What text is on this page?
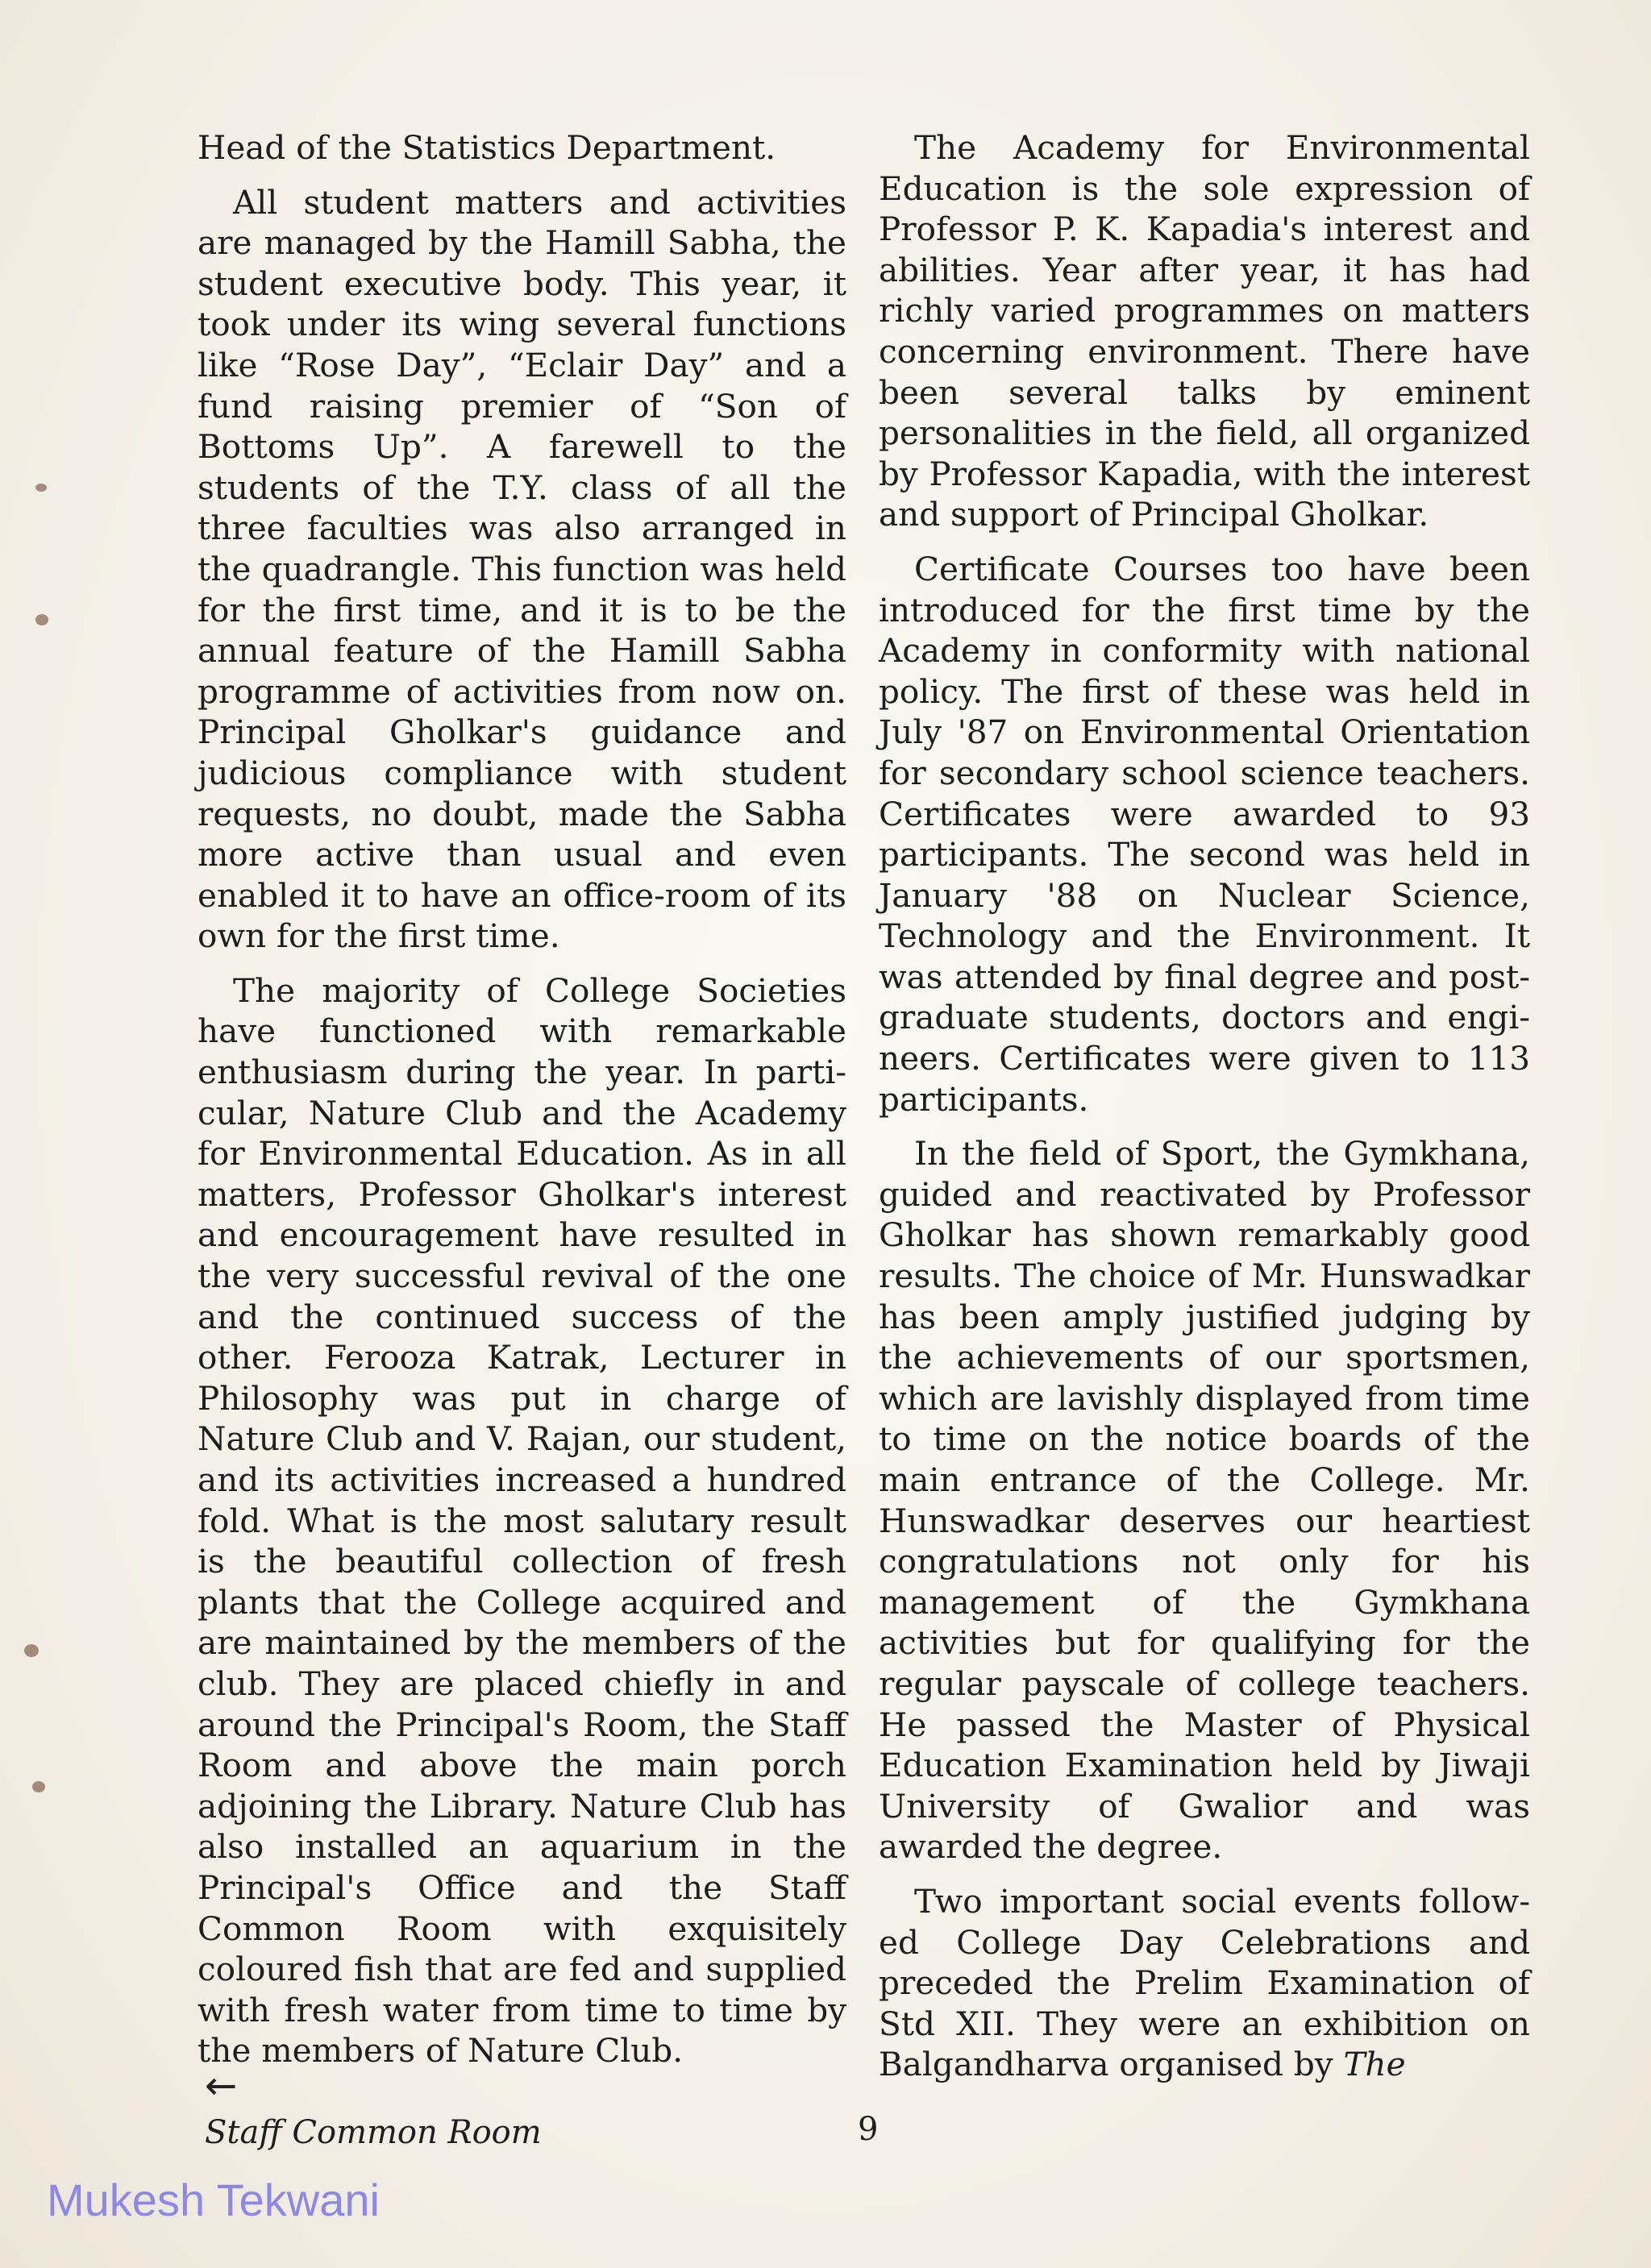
Head of the Statistics Department.

All student matters and activities are managed by the Hamill Sabha, the student executive body. This year, it took under its wing several functions like “Rose Day”, “Eclair Day” and a fund raising premier of “Son of Bottoms Up”. A farewell to the students of the T.Y. class of all the three faculties was also arranged in the quadrangle. This function was held for the first time, and it is to be the annual feature of the Hamill Sabha programme of activities from now on. Principal Gholkar's guidance and judicious compliance with student requests, no doubt, made the Sabha more active than usual and even enabled it to have an office-room of its own for the first time.

The majority of College Societies have functioned with remarkable enthusiasm during the year. In particular, Nature Club and the Academy for Environmental Education. As in all matters, Professor Gholkar's interest and encouragement have resulted in the very successful revival of the one and the continued success of the other. Ferooza Katrak, Lecturer in Philosophy was put in charge of Nature Club and V. Rajan, our student, and its activities increased a hundred fold. What is the most salutary result is the beautiful collection of fresh plants that the College acquired and are maintained by the members of the club. They are placed chiefly in and around the Principal's Room, the Staff Room and above the main porch adjoining the Library. Nature Club has also installed an aquarium in the Principal's Office and the Staff Common Room with exquisitely coloured fish that are fed and supplied with fresh water from time to time by the members of Nature Club.

The Academy for Environmental Education is the sole expression of Professor P. K. Kapadia's interest and abilities. Year after year, it has had richly varied programmes on matters concerning environment. There have been several talks by eminent personalities in the field, all organized by Professor Kapadia, with the interest and support of Principal Gholkar.

Certificate Courses too have been introduced for the first time by the Academy in conformity with national policy. The first of these was held in July '87 on Environmental Orientation for secondary school science teachers. Certificates were awarded to 93 participants. The second was held in January '88 on Nuclear Science, Technology and the Environment. It was attended by final degree and postgraduate students, doctors and engineers. Certificates were given to 113 participants.

In the field of Sport, the Gymkhana, guided and reactivated by Professor Gholkar has shown remarkably good results. The choice of Mr. Hunswadkar has been amply justified judging by the achievements of our sportsmen, which are lavishly displayed from time to time on the notice boards of the main entrance of the College. Mr. Hunswadkar deserves our heartiest congratulations not only for his management of the Gymkhana activities but for qualifying for the regular payscale of college teachers. He passed the Master of Physical Education Examination held by Jiwaji University of Gwalior and was awarded the degree.

Two important social events followed College Day Celebrations and preceded the Prelim Examination of Std XII. They were an exhibition on Balgandharva organised by The

←
Staff Common Room	9
Mukesh Tekwani
